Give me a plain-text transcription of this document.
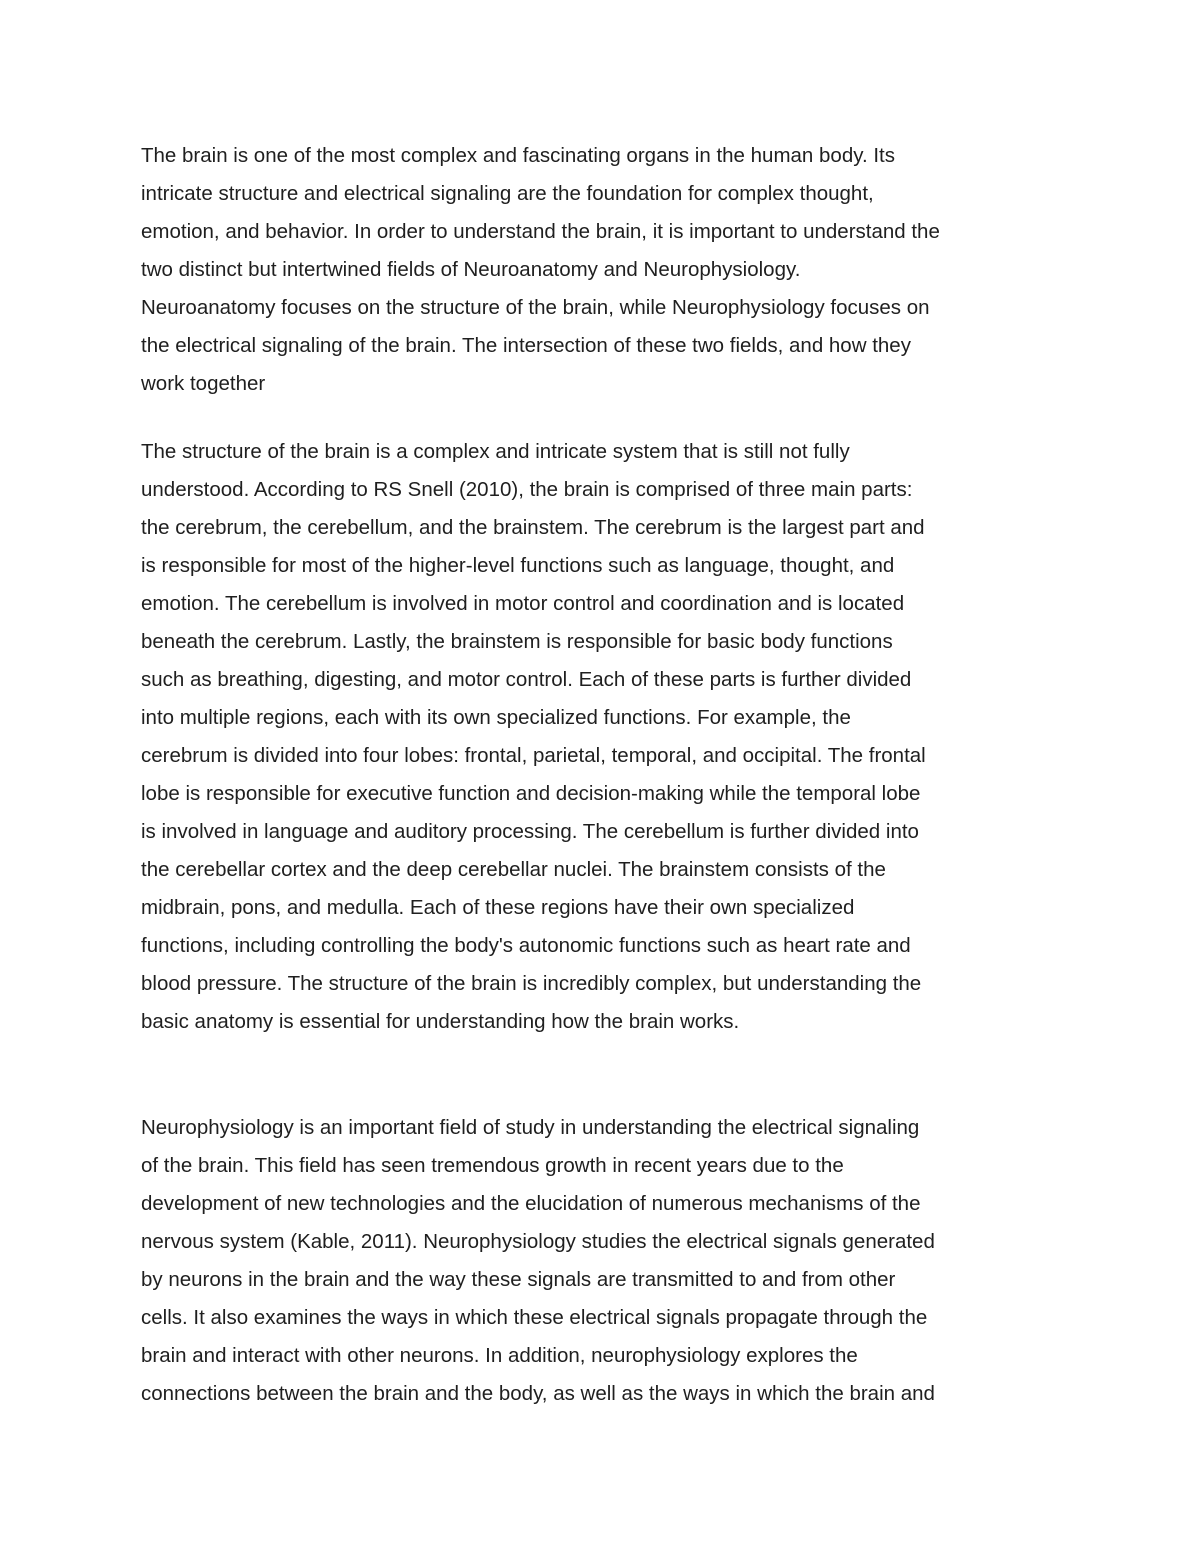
The brain is one of the most complex and fascinating organs in the human body. Its
intricate structure and electrical signaling are the foundation for complex thought,
emotion, and behavior. In order to understand the brain, it is important to understand the
two distinct but intertwined fields of Neuroanatomy and Neurophysiology.
Neuroanatomy focuses on the structure of the brain, while Neurophysiology focuses on
the electrical signaling of the brain. The intersection of these two fields, and how they
work together
The structure of the brain is a complex and intricate system that is still not fully
understood. According to RS Snell (2010), the brain is comprised of three main parts:
the cerebrum, the cerebellum, and the brainstem. The cerebrum is the largest part and
is responsible for most of the higher-level functions such as language, thought, and
emotion. The cerebellum is involved in motor control and coordination and is located
beneath the cerebrum. Lastly, the brainstem is responsible for basic body functions
such as breathing, digesting, and motor control. Each of these parts is further divided
into multiple regions, each with its own specialized functions. For example, the
cerebrum is divided into four lobes: frontal, parietal, temporal, and occipital. The frontal
lobe is responsible for executive function and decision-making while the temporal lobe
is involved in language and auditory processing. The cerebellum is further divided into
the cerebellar cortex and the deep cerebellar nuclei. The brainstem consists of the
midbrain, pons, and medulla. Each of these regions have their own specialized
functions, including controlling the body's autonomic functions such as heart rate and
blood pressure. The structure of the brain is incredibly complex, but understanding the
basic anatomy is essential for understanding how the brain works.
Neurophysiology is an important field of study in understanding the electrical signaling
of the brain. This field has seen tremendous growth in recent years due to the
development of new technologies and the elucidation of numerous mechanisms of the
nervous system (Kable, 2011). Neurophysiology studies the electrical signals generated
by neurons in the brain and the way these signals are transmitted to and from other
cells. It also examines the ways in which these electrical signals propagate through the
brain and interact with other neurons. In addition, neurophysiology explores the
connections between the brain and the body, as well as the ways in which the brain and
